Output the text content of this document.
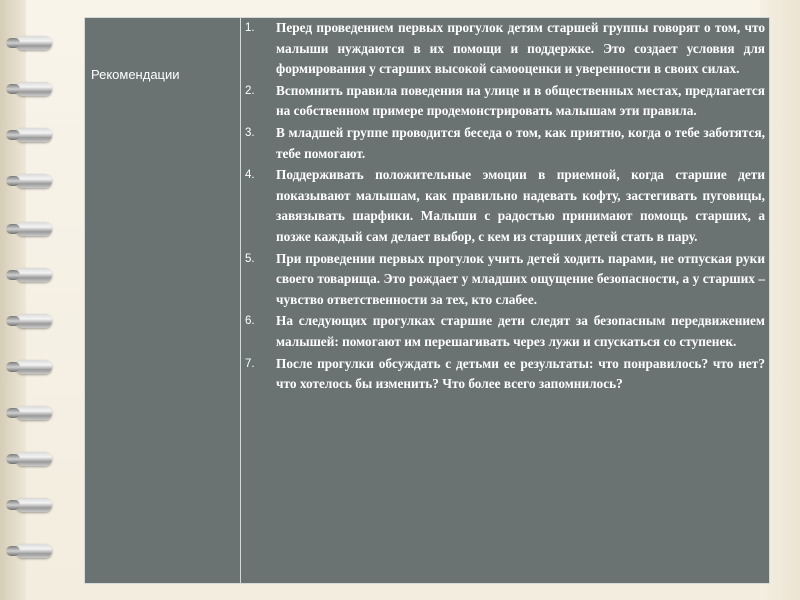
Рекомендации
1. Перед проведением первых прогулок детям старшей группы говорят о том, что малыши нуждаются в их помощи и поддержке. Это создает условия для формирования у старших высокой самооценки и уверенности в своих силах.
2. Вспомнить правила поведения на улице и в общественных местах, предлагается на собственном примере продемонстрировать малышам эти правила.
3. В младшей группе проводится беседа о том, как приятно, когда о тебе заботятся, тебе помогают.
4. Поддерживать положительные эмоции в приемной, когда старшие дети показывают малышам, как правильно надевать кофту, застегивать пуговицы, завязывать шарфики. Малыши с радостью принимают помощь старших, а позже каждый сам делает выбор, с кем из старших детей стать в пару.
5. При проведении первых прогулок учить детей ходить парами, не отпуская руки своего товарища. Это рождает у младших ощущение безопасности, а у старших – чувство ответственности за тех, кто слабее.
6. На следующих прогулках старшие дети следят за безопасным передвижением малышей: помогают им перешагивать через лужи и спускаться со ступенек.
7. После прогулки обсуждать с детьми ее результаты: что понравилось? что нет? что хотелось бы изменить? Что более всего запомнилось?
